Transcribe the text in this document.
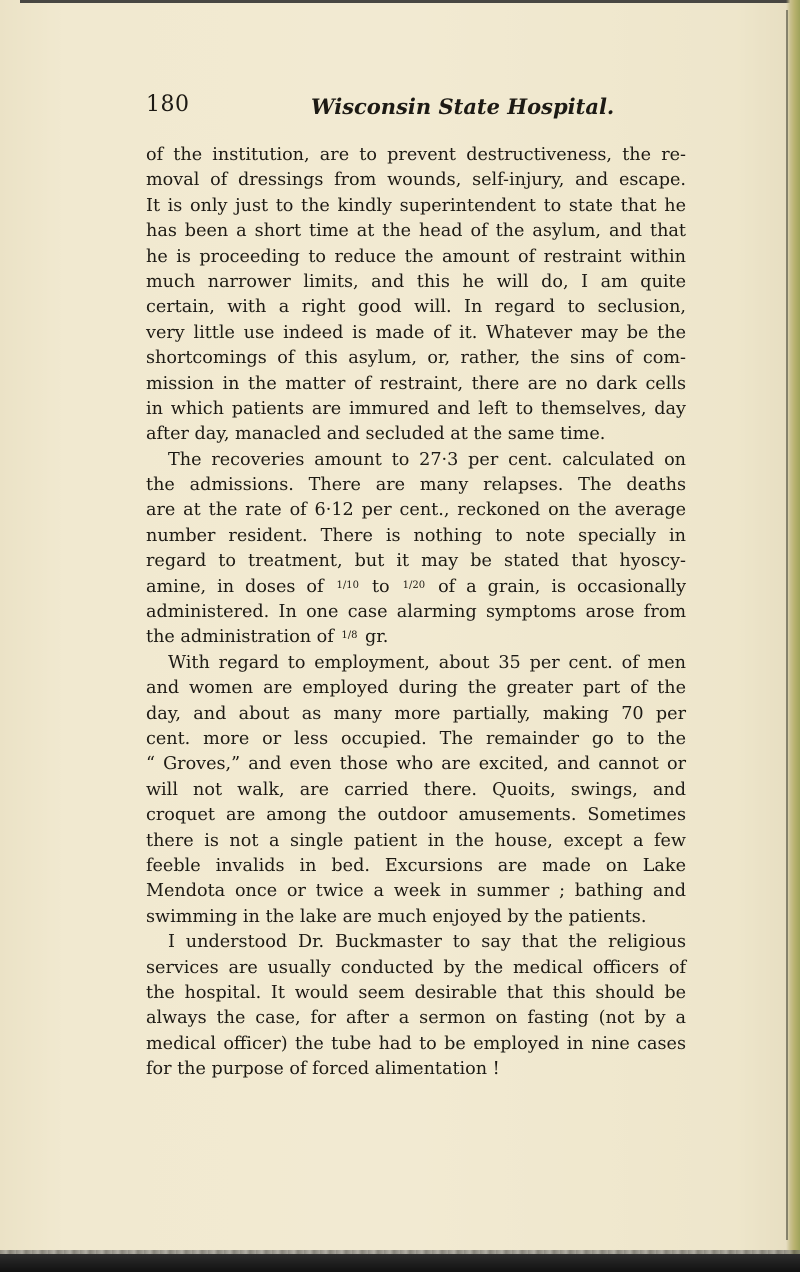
180	Wisconsin State Hospital.
of the institution, are to prevent destructiveness, the re-
moval of dressings from wounds, self-injury, and escape.
It is only just to the kindly superintendent to state that he
has been a short time at the head of the asylum, and that
he is proceeding to reduce the amount of restraint within
much narrower limits, and this he will do, I am quite
certain, with a right good will. In regard to seclusion,
very little use indeed is made of it. Whatever may be the
shortcomings of this asylum, or, rather, the sins of com-
mission in the matter of restraint, there are no dark cells
in which patients are immured and left to themselves, day
after day, manacled and secluded at the same time.
The recoveries amount to 27·3 per cent. calculated on
the admissions. There are many relapses. The deaths
are at the rate of 6·12 per cent., reckoned on the average
number resident. There is nothing to note specially in
regard to treatment, but it may be stated that hyoscy-
amine, in doses of 1/10 to 1/20 of a grain, is occasionally
administered. In one case alarming symptoms arose from
the administration of 1/8 gr.
With regard to employment, about 35 per cent. of men
and women are employed during the greater part of the
day, and about as many more partially, making 70 per
cent. more or less occupied. The remainder go to the
“ Groves,” and even those who are excited, and cannot or
will not walk, are carried there. Quoits, swings, and
croquet are among the outdoor amusements. Sometimes
there is not a single patient in the house, except a few
feeble invalids in bed. Excursions are made on Lake
Mendota once or twice a week in summer ; bathing and
swimming in the lake are much enjoyed by the patients.
I understood Dr. Buckmaster to say that the religious
services are usually conducted by the medical officers of
the hospital. It would seem desirable that this should be
always the case, for after a sermon on fasting (not by a
medical officer) the tube had to be employed in nine cases
for the purpose of forced alimentation !
